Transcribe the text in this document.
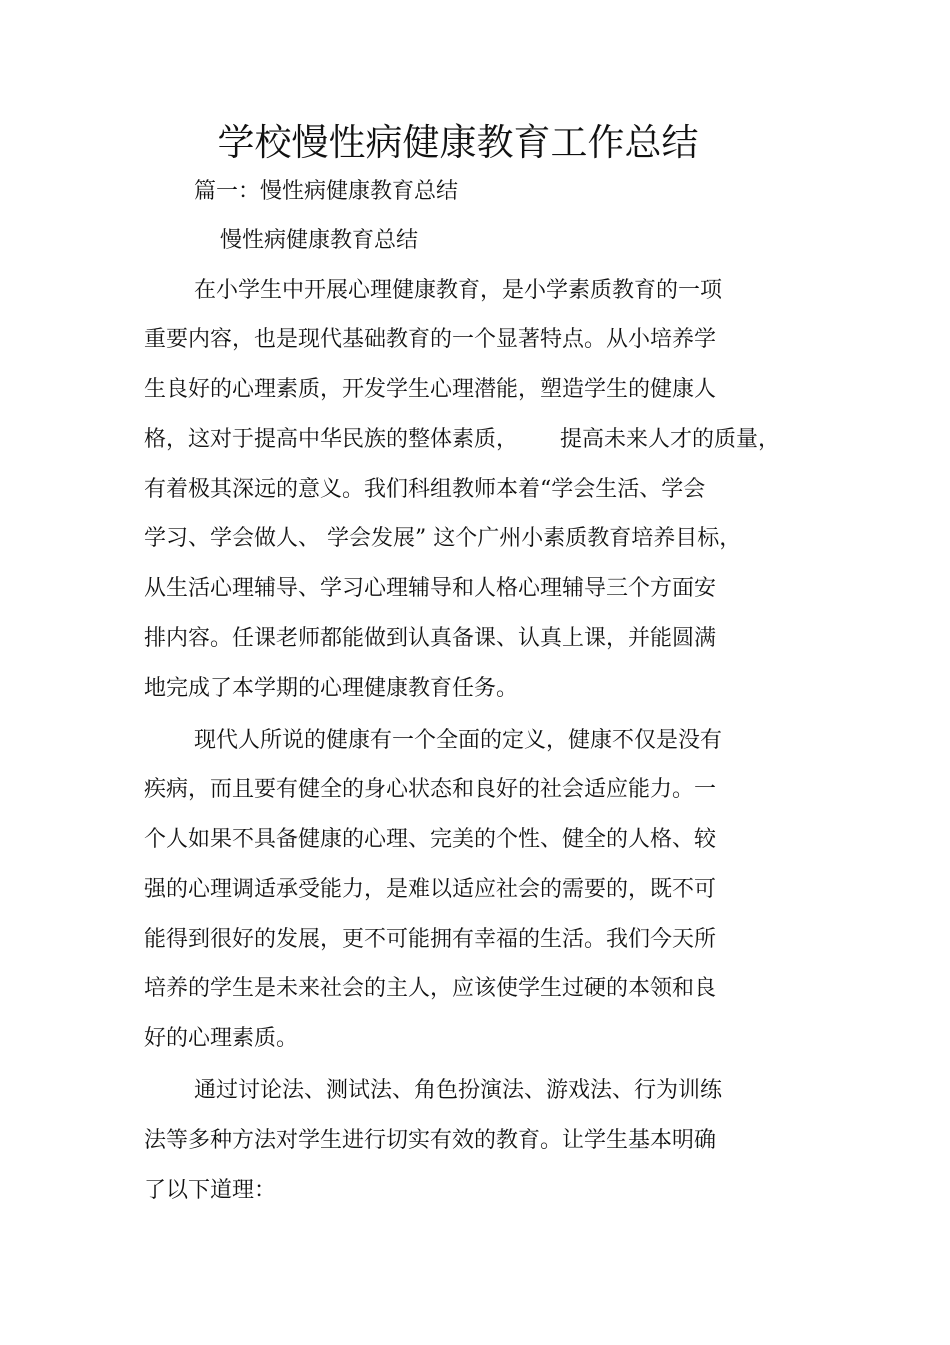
学校慢性病健康教育工作总结
篇一：慢性病健康教育总结
慢性病健康教育总结
在小学生中开展心理健康教育，是小学素质教育的一项
重要内容，也是现代基础教育的一个显著特点。从小培养学
生良好的心理素质，开发学生心理潜能，塑造学生的健康人
格，这对于提高中华民族的整体素质，      提高未来人才的质量，
有着极其深远的意义。我们科组教师本着“学会生活、学会
学习、学会做人、 学会发展” 这个广州小素质教育培养目标，
从生活心理辅导、学习心理辅导和人格心理辅导三个方面安
排内容。任课老师都能做到认真备课、认真上课，并能圆满
地完成了本学期的心理健康教育任务。
现代人所说的健康有一个全面的定义，健康不仅是没有
疾病，而且要有健全的身心状态和良好的社会适应能力。一
个人如果不具备健康的心理、完美的个性、健全的人格、较
强的心理调适承受能力，是难以适应社会的需要的，既不可
能得到很好的发展，更不可能拥有幸福的生活。我们今天所
培养的学生是未来社会的主人，应该使学生过硬的本领和良
好的心理素质。
通过讨论法、测试法、角色扮演法、游戏法、行为训练
法等多种方法对学生进行切实有效的教育。让学生基本明确
了以下道理：
